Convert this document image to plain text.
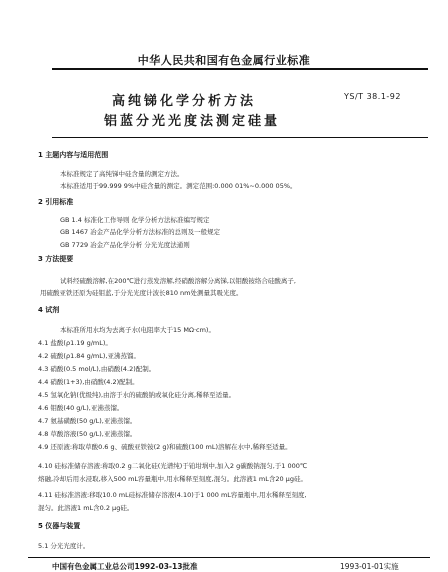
中华人民共和国有色金属行业标准
高纯锑化学分析方法
铝蓝分光光度法测定硅量
YS/T 38.1-92
1 主题内容与适用范围
本标准规定了高纯锑中硅含量的测定方法。
本标准适用于99.999 9%中硅含量的测定。测定范围:0.000 01%~0.000 05%。
2 引用标准
GB 1.4 标准化工作导则 化学分析方法标准编写规定
GB 1467 冶金产品化学分析方法标准的总则及一般规定
GB 7729 冶金产品化学分析 分光光度法通则
3 方法提要
试料经硫酸溶解,在200℃进行蒸发溶解,经硝酸溶解分离锑,以钼酸铵络合硅酸离子,
用硫酸亚铁还原为硅钼蓝,于分光光度计波长810 nm处测量其吸光度。
4 试剂
本标准所用水均为去离子水(电阻率大于15 MΩ·cm)。
4.1 盐酸(ρ1.19 g/mL)。
4.2 硫酸(ρ1.84 g/mL),亚沸蒸馏。
4.3 硝酸(0.5 mol/L),由硝酸(4.2)配制。
4.4 硝酸(1+3),由硝酸(4.2)配制。
4.5 氢氧化钠(优级纯),由溶于水的硫酸钠或氧化硅分离,稀释至适量。
4.6 钼酸(40 g/L),亚沸蒸馏。
4.7 氨基磺酸(50 g/L),亚沸蒸馏。
4.8 草酸溶液(50 g/L),亚沸蒸馏。
4.9 还原液:称取草酸0.6 g、硫酸亚铁铵(2 g)和硫酸(100 mL)溶解在水中,稀释至适量。
4.10 硅标准储存溶液:称取0.2 g二氧化硅(光谱纯)于铂坩埚中,加入2 g碳酸钠混匀,于1 000℃
熔融,冷却后用水浸取,移入500 mL容量瓶中,用水稀释至刻度,混匀。此溶液1 mL含20 μg硅。
4.11 硅标准溶液:移取10.0 mL硅标准储存溶液(4.10)于1 000 mL容量瓶中,用水稀释至刻度,
混匀。此溶液1 mL含0.2 μg硅。
5 仪器与装置
5.1 分光光度计。
中国有色金属工业总公司1992-03-13批准	1993-01-01实施
